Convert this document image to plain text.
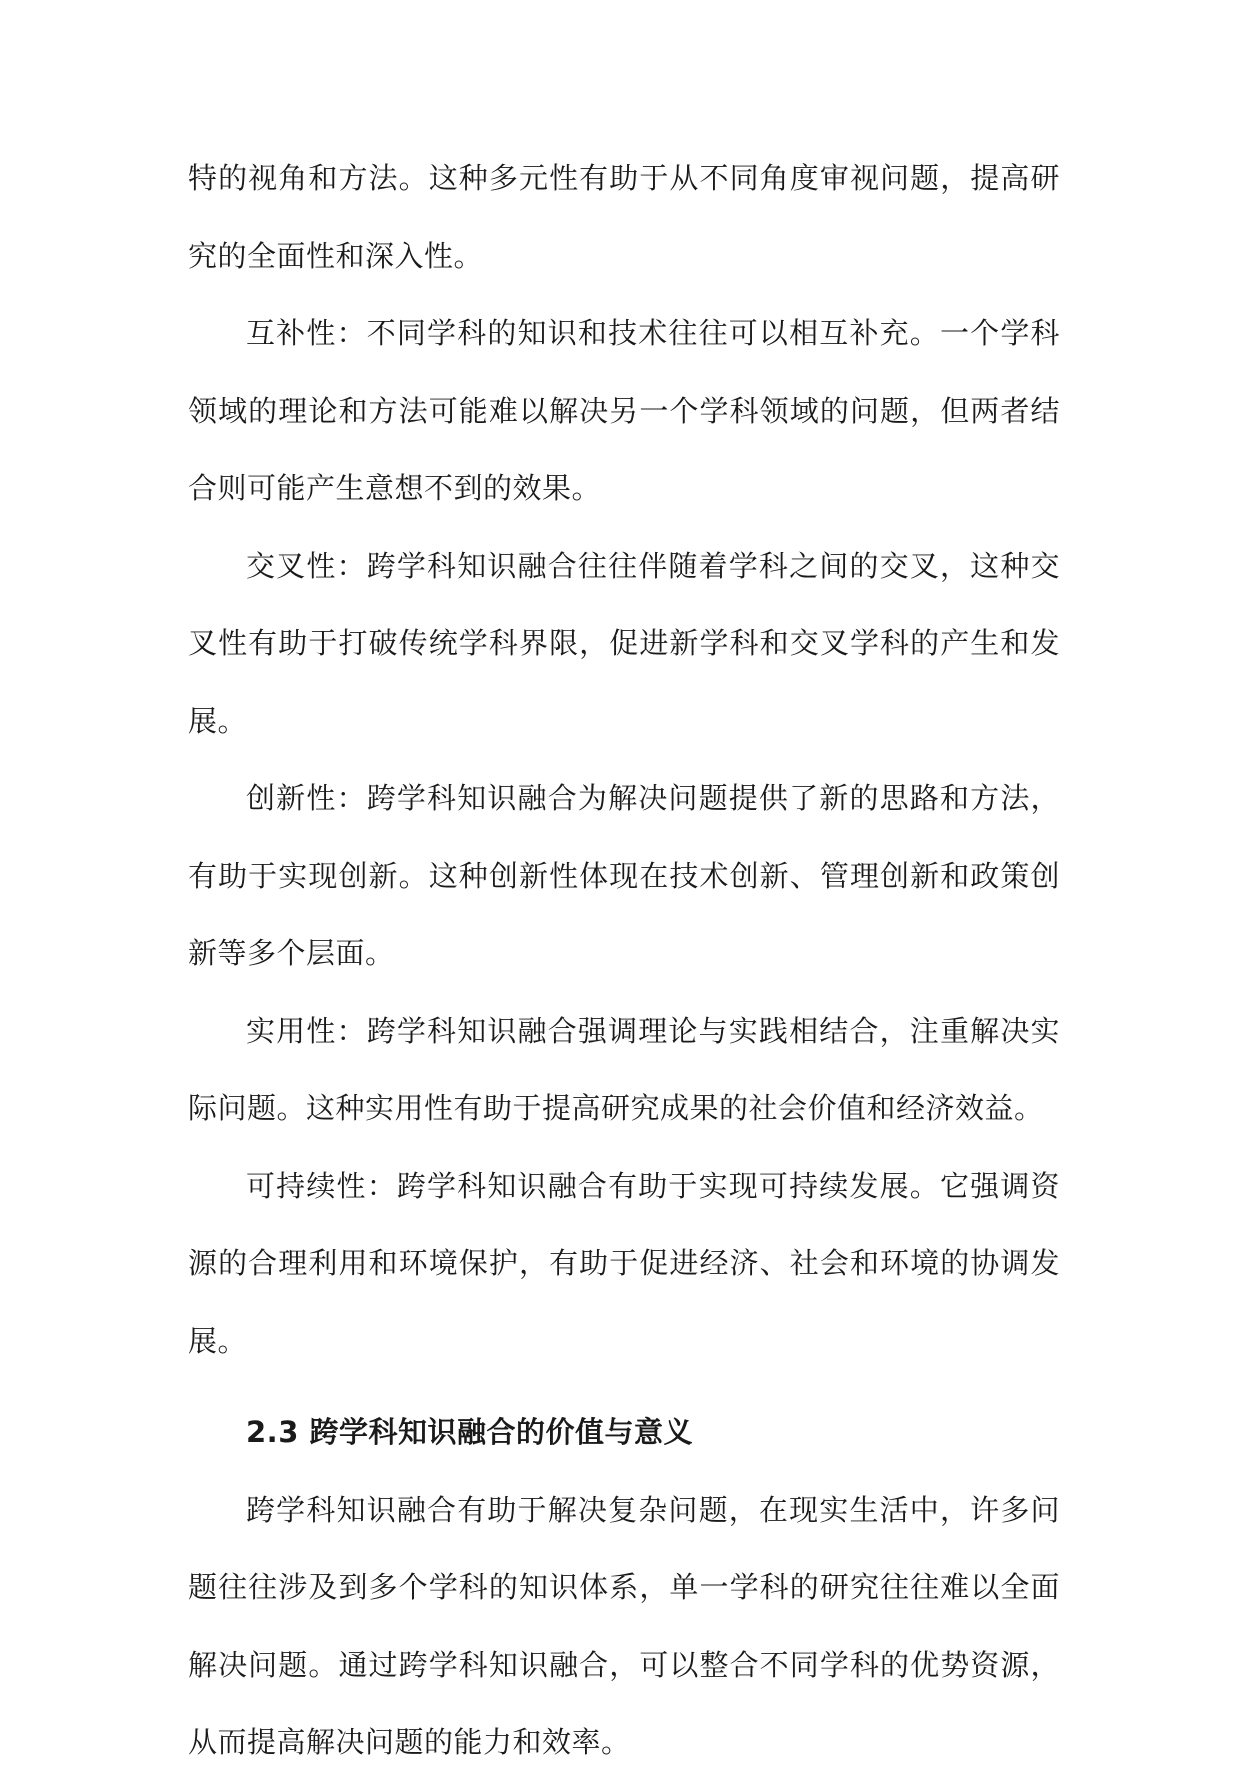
特的视角和方法。这种多元性有助于从不同角度审视问题，提高研究的全面性和深入性。

互补性：不同学科的知识和技术往往可以相互补充。一个学科领域的理论和方法可能难以解决另一个学科领域的问题，但两者结合则可能产生意想不到的效果。

交叉性：跨学科知识融合往往伴随着学科之间的交叉，这种交叉性有助于打破传统学科界限，促进新学科和交叉学科的产生和发展。

创新性：跨学科知识融合为解决问题提供了新的思路和方法，有助于实现创新。这种创新性体现在技术创新、管理创新和政策创新等多个层面。

实用性：跨学科知识融合强调理论与实践相结合，注重解决实际问题。这种实用性有助于提高研究成果的社会价值和经济效益。

可持续性：跨学科知识融合有助于实现可持续发展。它强调资源的合理利用和环境保护，有助于促进经济、社会和环境的协调发展。

2.3 跨学科知识融合的价值与意义

跨学科知识融合有助于解决复杂问题，在现实生活中，许多问题往往涉及到多个学科的知识体系，单一学科的研究往往难以全面解决问题。通过跨学科知识融合，可以整合不同学科的优势资源，从而提高解决问题的能力和效率。
